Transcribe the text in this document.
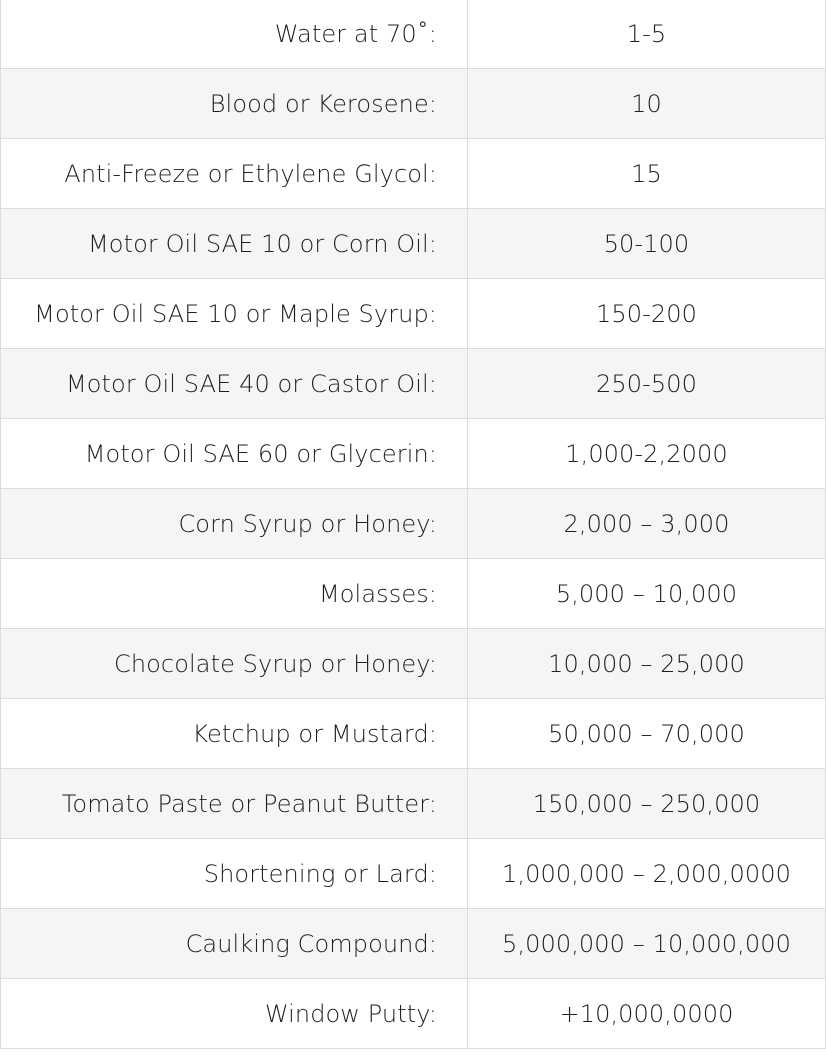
Water at 70˚:	1-5
Blood or Kerosene:	10
Anti-Freeze or Ethylene Glycol:	15
Motor Oil SAE 10 or Corn Oil:	50-100
Motor Oil SAE 10 or Maple Syrup:	150-200
Motor Oil SAE 40 or Castor Oil:	250-500
Motor Oil SAE 60 or Glycerin:	1,000-2,2000
Corn Syrup or Honey:	2,000 – 3,000
Molasses:	5,000 – 10,000
Chocolate Syrup or Honey:	10,000 – 25,000
Ketchup or Mustard:	50,000 – 70,000
Tomato Paste or Peanut Butter:	150,000 – 250,000
Shortening or Lard:	1,000,000 – 2,000,0000
Caulking Compound:	5,000,000 – 10,000,000
Window Putty:	+10,000,0000
